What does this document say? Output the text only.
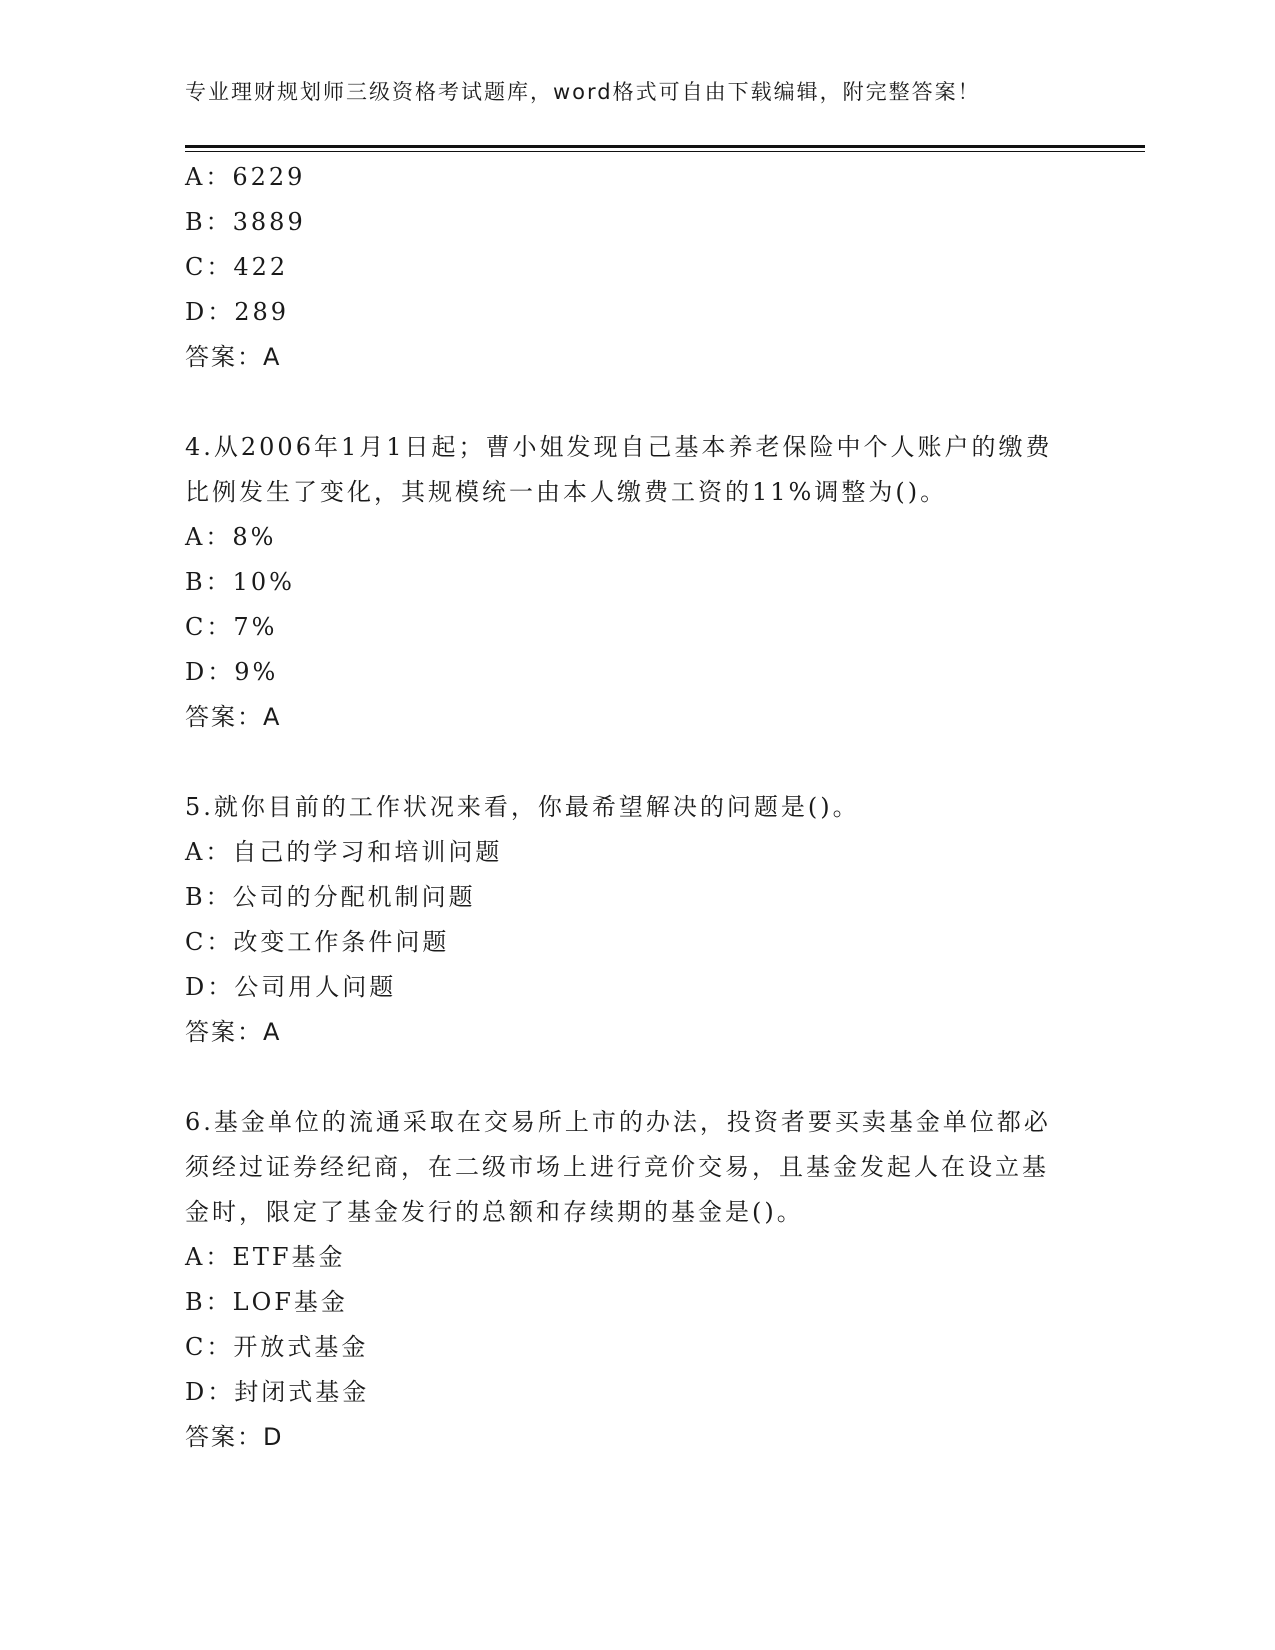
专业理财规划师三级资格考试题库，word格式可自由下载编辑，附完整答案！
A：6229
B：3889
C：422
D：289
答案：A
4.从2006年1月1日起；曹小姐发现自己基本养老保险中个人账户的缴费比例发生了变化，其规模统一由本人缴费工资的11%调整为()。
A：8%
B：10%
C：7%
D：9%
答案：A
5.就你目前的工作状况来看，你最希望解决的问题是()。
A：自己的学习和培训问题
B：公司的分配机制问题
C：改变工作条件问题
D：公司用人问题
答案：A
6.基金单位的流通采取在交易所上市的办法，投资者要买卖基金单位都必须经过证券经纪商，在二级市场上进行竞价交易，且基金发起人在设立基金时，限定了基金发行的总额和存续期的基金是()。
A：ETF基金
B：LOF基金
C：开放式基金
D：封闭式基金
答案：D
